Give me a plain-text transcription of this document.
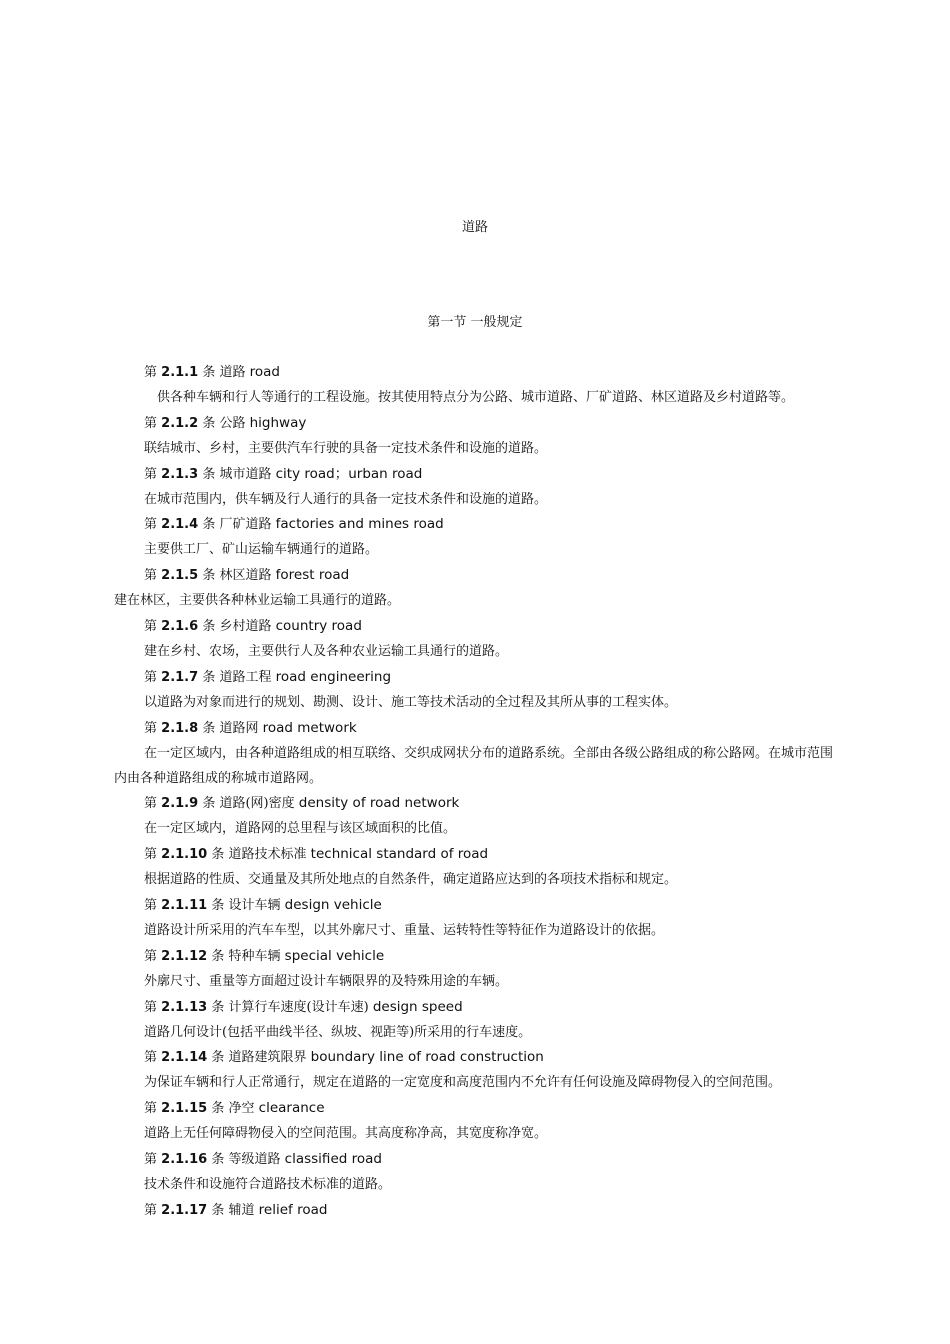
道路
第一节 一般规定
第 2.1.1 条 道路 road
供各种车辆和行人等通行的工程设施。按其使用特点分为公路、城市道路、厂矿道路、林区道路及乡村道路等。
第 2.1.2 条 公路 highway
联结城市、乡村，主要供汽车行驶的具备一定技术条件和设施的道路。
第 2.1.3 条 城市道路 city road；urban road
在城市范围内，供车辆及行人通行的具备一定技术条件和设施的道路。
第 2.1.4 条 厂矿道路 factories and mines road
主要供工厂、矿山运输车辆通行的道路。
第 2.1.5 条 林区道路 forest road
建在林区，主要供各种林业运输工具通行的道路。
第 2.1.6 条 乡村道路 country road
建在乡村、农场，主要供行人及各种农业运输工具通行的道路。
第 2.1.7 条 道路工程 road engineering
以道路为对象而进行的规划、勘测、设计、施工等技术活动的全过程及其所从事的工程实体。
第 2.1.8 条 道路网 road metwork
在一定区域内，由各种道路组成的相互联络、交织成网状分布的道路系统。全部由各级公路组成的称公路网。在城市范围内由各种道路组成的称城市道路网。
第 2.1.9 条 道路(网)密度 density of road network
在一定区域内，道路网的总里程与该区域面积的比值。
第 2.1.10 条 道路技术标准 technical standard of road
根据道路的性质、交通量及其所处地点的自然条件，确定道路应达到的各项技术指标和规定。
第 2.1.11 条 设计车辆 design vehicle
道路设计所采用的汽车车型，以其外廓尺寸、重量、运转特性等特征作为道路设计的依据。
第 2.1.12 条 特种车辆 special vehicle
外廓尺寸、重量等方面超过设计车辆限界的及特殊用途的车辆。
第 2.1.13 条 计算行车速度(设计车速) design speed
道路几何设计(包括平曲线半径、纵坡、视距等)所采用的行车速度。
第 2.1.14 条 道路建筑限界 boundary line of road construction
为保证车辆和行人正常通行，规定在道路的一定宽度和高度范围内不允许有任何设施及障碍物侵入的空间范围。
第 2.1.15 条 净空 clearance
道路上无任何障碍物侵入的空间范围。其高度称净高，其宽度称净宽。
第 2.1.16 条 等级道路 classified road
技术条件和设施符合道路技术标准的道路。
第 2.1.17 条 辅道 relief road
